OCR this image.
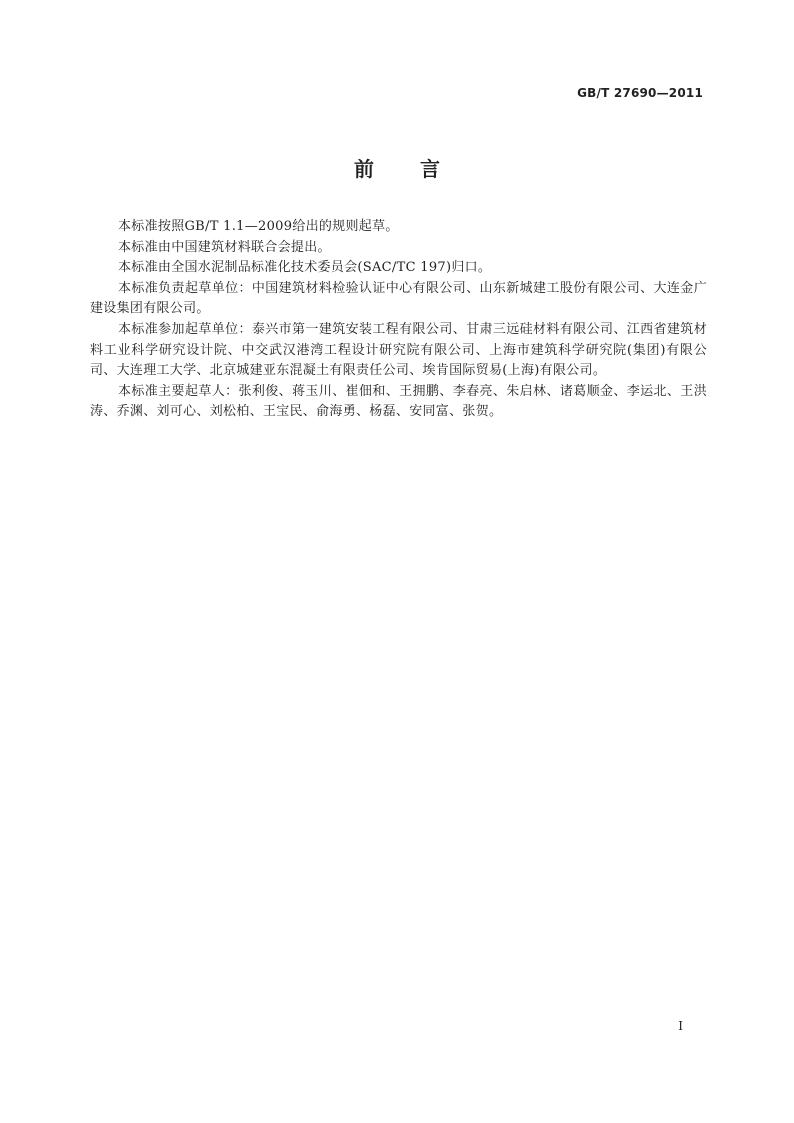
GB/T 27690—2011
前言

本标准按照GB/T 1.1—2009给出的规则起草。

本标准由中国建筑材料联合会提出。

本标准由全国水泥制品标准化技术委员会(SAC/TC 197)归口。

本标准负责起草单位：中国建筑材料检验认证中心有限公司、山东新城建工股份有限公司、大连金广建设集团有限公司。

本标准参加起草单位：泰兴市第一建筑安装工程有限公司、甘肃三远硅材料有限公司、江西省建筑材料工业科学研究设计院、中交武汉港湾工程设计研究院有限公司、上海市建筑科学研究院(集团)有限公司、大连理工大学、北京城建亚东混凝土有限责任公司、埃肯国际贸易(上海)有限公司。

本标准主要起草人：张利俊、蒋玉川、崔佃和、王拥鹏、李春亮、朱启林、诸葛顺金、李运北、王洪涛、乔渊、刘可心、刘松柏、王宝民、俞海勇、杨磊、安同富、张贺。

I
